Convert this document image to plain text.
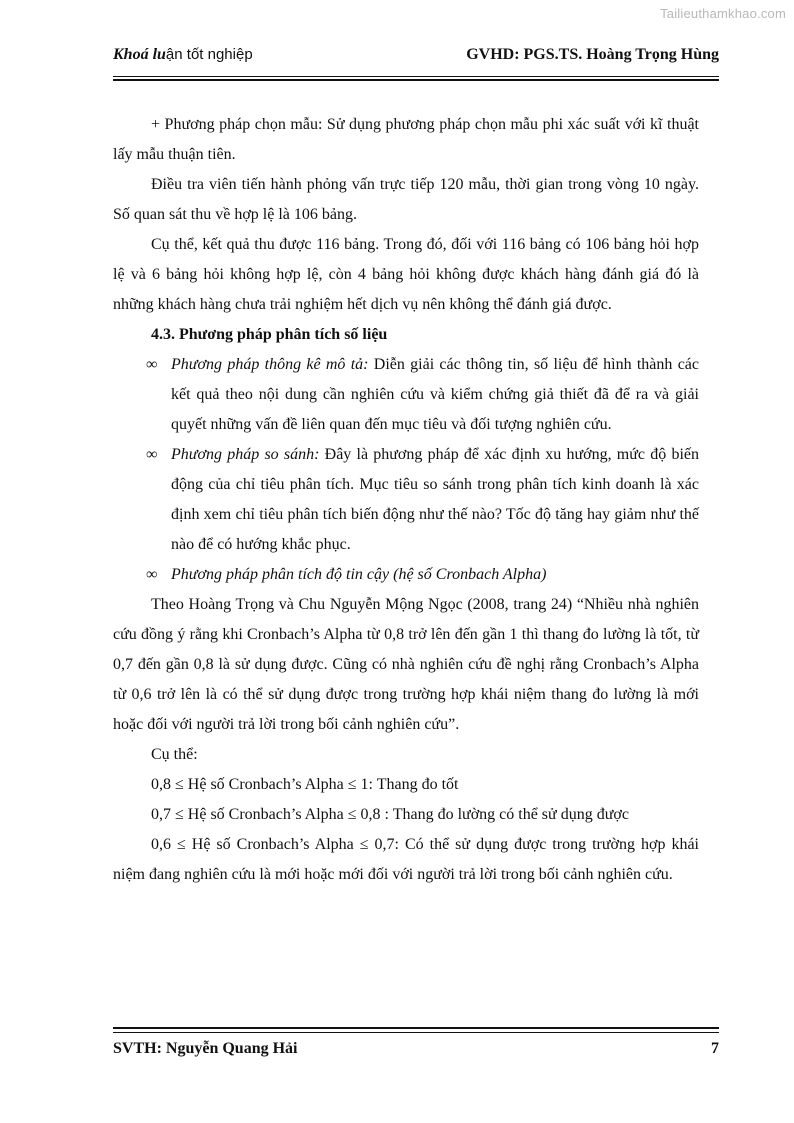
Tailieuthamkhao.com
Khoá luận tốt nghiệp	GVHD: PGS.TS. Hoàng Trọng Hùng

+ Phương pháp chọn mẫu: Sử dụng phương pháp chọn mẫu phi xác suất với kĩ thuật lấy mẫu thuận tiên.

Điều tra viên tiến hành phỏng vấn trực tiếp 120 mẫu, thời gian trong vòng 10 ngày. Số quan sát thu về hợp lệ là 106 bảng.

Cụ thể, kết quả thu được 116 bảng. Trong đó, đối với 116 bảng có 106 bảng hỏi hợp lệ và 6 bảng hỏi không hợp lệ, còn 4 bảng hỏi không được khách hàng đánh giá đó là những khách hàng chưa trải nghiệm hết dịch vụ nên không thể đánh giá được.

4.3. Phương pháp phân tích số liệu

∞ Phương pháp thông kê mô tả: Diễn giải các thông tin, số liệu để hình thành các kết quả theo nội dung cần nghiên cứu và kiểm chứng giả thiết đã để ra và giải quyết những vấn đề liên quan đến mục tiêu và đối tượng nghiên cứu.

∞ Phương pháp so sánh: Đây là phương pháp để xác định xu hướng, mức độ biến động của chỉ tiêu phân tích. Mục tiêu so sánh trong phân tích kinh doanh là xác định xem chỉ tiêu phân tích biến động như thế nào? Tốc độ tăng hay giảm như thế nào để có hướng khắc phục.

∞ Phương pháp phân tích độ tin cậy (hệ số Cronbach Alpha)

Theo Hoàng Trọng và Chu Nguyễn Mộng Ngọc (2008, trang 24) “Nhiều nhà nghiên cứu đồng ý rằng khi Cronbach’s Alpha từ 0,8 trở lên đến gần 1 thì thang đo lường là tốt, từ 0,7 đến gần 0,8 là sử dụng được. Cũng có nhà nghiên cứu đề nghị rằng Cronbach’s Alpha từ 0,6 trở lên là có thể sử dụng được trong trường hợp khái niệm thang đo lường là mới hoặc đối với người trả lời trong bối cảnh nghiên cứu”.

Cụ thể:

0,8 ≤ Hệ số Cronbach’s Alpha ≤ 1: Thang đo tốt

0,7 ≤ Hệ số Cronbach’s Alpha ≤ 0,8 : Thang đo lường có thể sử dụng được

0,6 ≤ Hệ số Cronbach’s Alpha ≤ 0,7: Có thể sử dụng được trong trường hợp khái niệm đang nghiên cứu là mới hoặc mới đối với người trả lời trong bối cảnh nghiên cứu.

SVTH: Nguyễn Quang Hải	7
